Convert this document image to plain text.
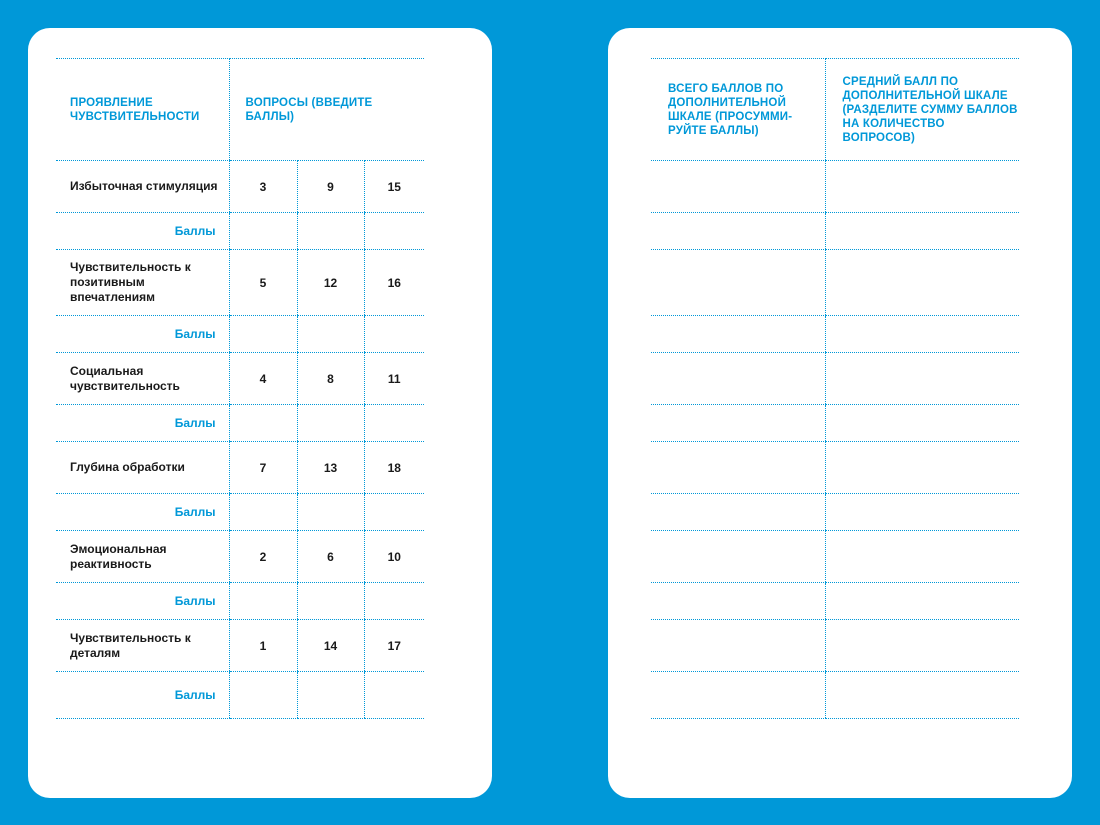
ПРОЯВЛЕНИЕ ЧУВСТВИТЕЛЬНОСТИ	ВОПРОСЫ (ВВЕДИТЕ БАЛЛЫ)		
Избыточная стимуляция	3	9	15
Баллы			
Чувствительность к позитивным впечатлениям	5	12	16
Баллы			
Социальная чувствительность	4	8	11
Баллы			
Глубина обработки	7	13	18
Баллы			
Эмоциональная реактивность	2	6	10
Баллы			
Чувствительность к деталям	1	14	17
Баллы			
ВСЕГО БАЛЛОВ ПО ДОПОЛНИТЕЛЬНОЙ ШКАЛЕ (ПРОСУММИРУЙТЕ БАЛЛЫ)	СРЕДНИЙ БАЛЛ ПО ДОПОЛНИТЕЛЬНОЙ ШКАЛЕ (РАЗДЕЛИТЕ СУММУ БАЛЛОВ НА КОЛИЧЕСТВО ВОПРОСОВ)
